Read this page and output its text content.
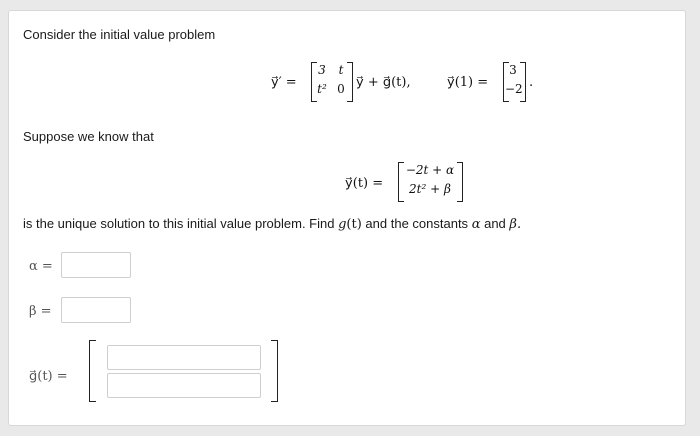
Consider the initial value problem
y⃗′ =
3	t
t² 0 y⃗ + g⃗(t),	y⃗(1) =
3
−2 .
Suppose we know that
y⃗(t) =
−2t + α
2t² + β
is the unique solution to this initial value problem. Find g(t) and the constants α and β.
α =
β =
g⃗(t) =
